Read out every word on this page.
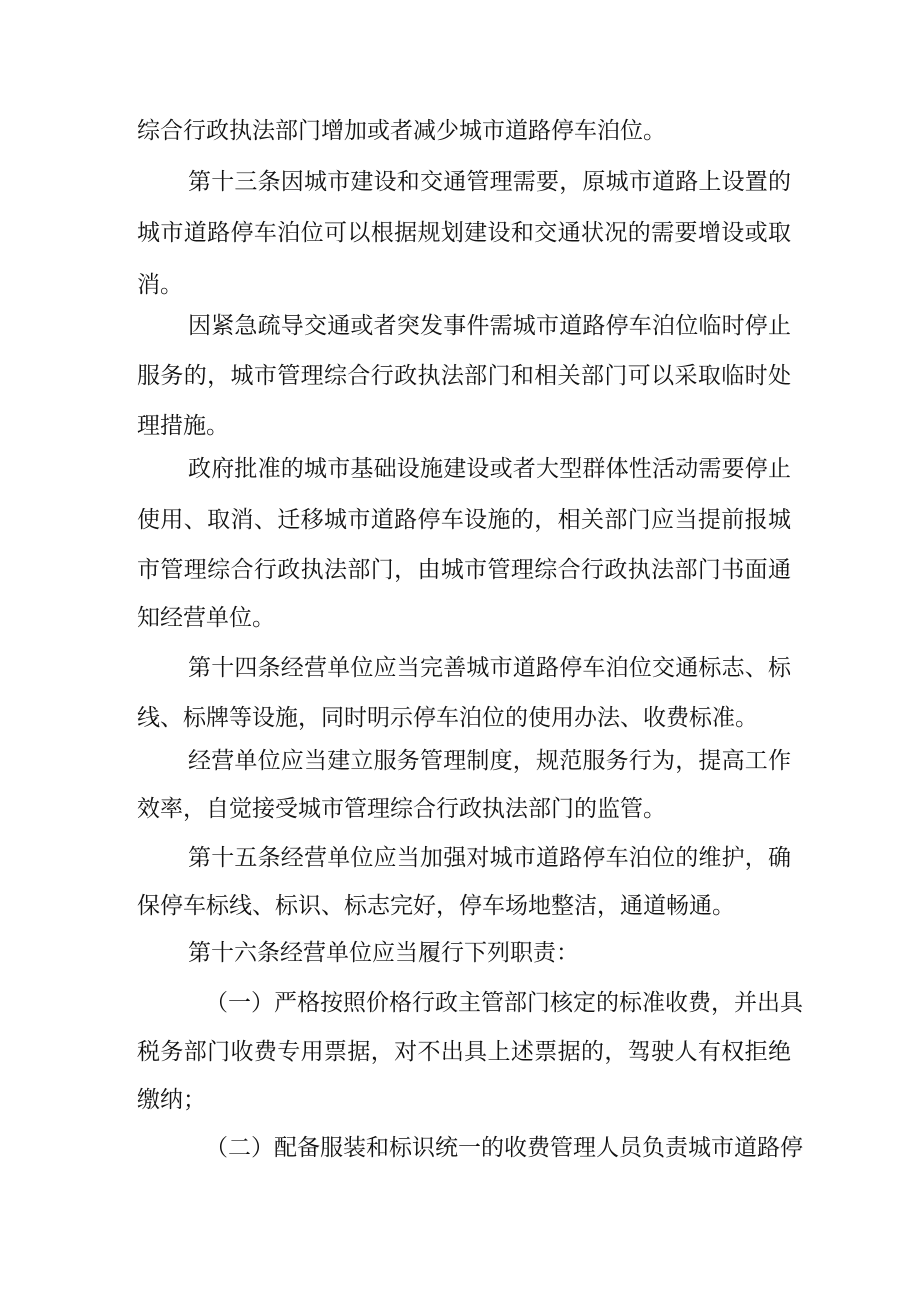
综合行政执法部门增加或者减少城市道路停车泊位。
第十三条因城市建设和交通管理需要，原城市道路上设置的
城市道路停车泊位可以根据规划建设和交通状况的需要增设或取
消。
因紧急疏导交通或者突发事件需城市道路停车泊位临时停止
服务的，城市管理综合行政执法部门和相关部门可以采取临时处
理措施。
政府批准的城市基础设施建设或者大型群体性活动需要停止
使用、取消、迁移城市道路停车设施的，相关部门应当提前报城
市管理综合行政执法部门，由城市管理综合行政执法部门书面通
知经营单位。
第十四条经营单位应当完善城市道路停车泊位交通标志、标
线、标牌等设施，同时明示停车泊位的使用办法、收费标准。
经营单位应当建立服务管理制度，规范服务行为，提高工作
效率，自觉接受城市管理综合行政执法部门的监管。
第十五条经营单位应当加强对城市道路停车泊位的维护，确
保停车标线、标识、标志完好，停车场地整洁，通道畅通。
第十六条经营单位应当履行下列职责：
（一）严格按照价格行政主管部门核定的标准收费，并出具
税务部门收费专用票据，对不出具上述票据的，驾驶人有权拒绝
缴纳；
（二）配备服装和标识统一的收费管理人员负责城市道路停
